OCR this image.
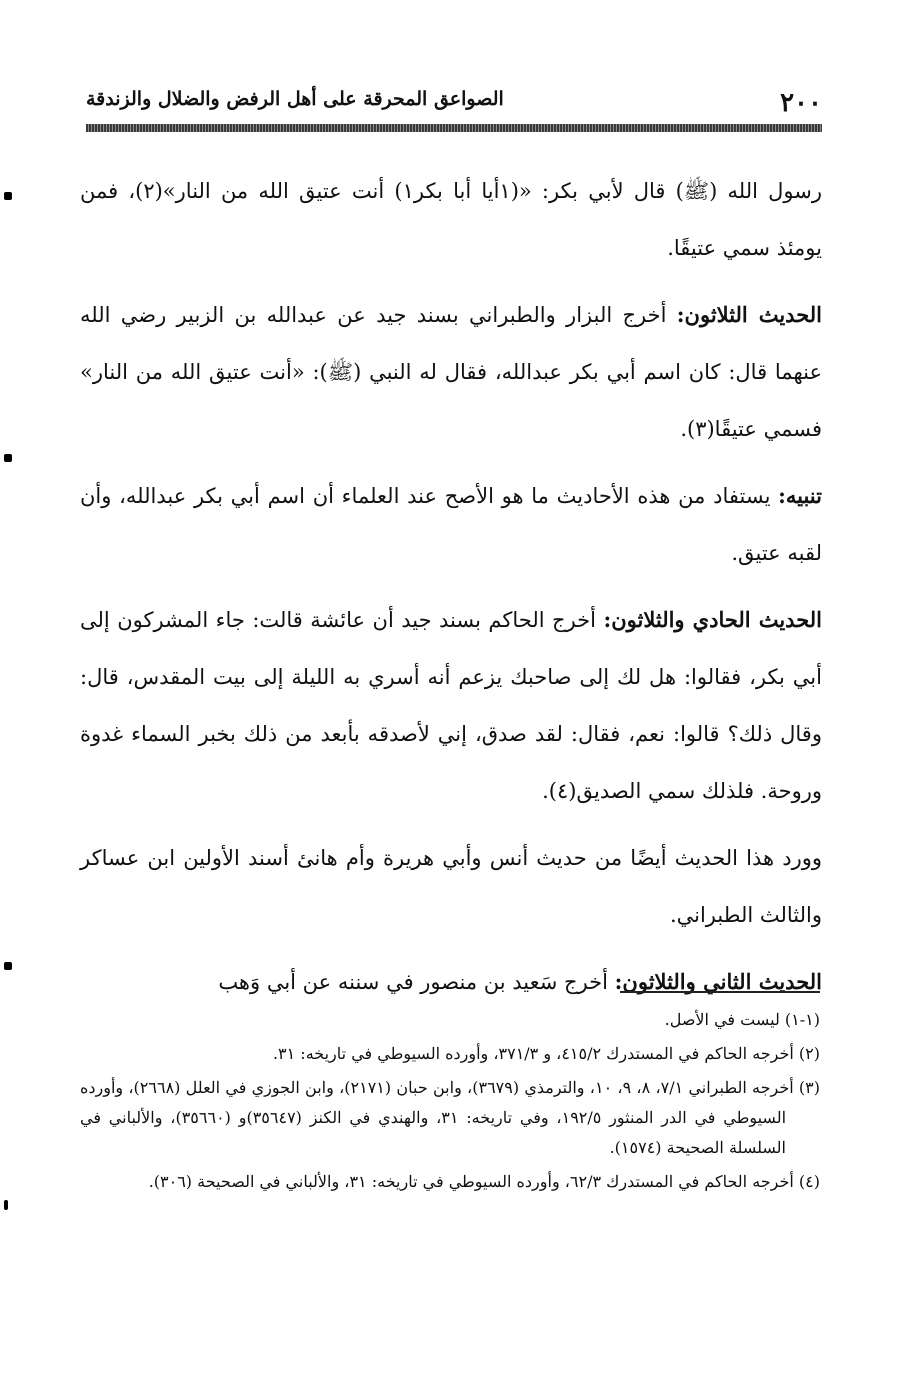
٢٠٠
الصواعق المحرقة على أهل الرفض والضلال والزندقة

رسول الله (ﷺ) قال لأبي بكر: «(١أيا أبا بكر١) أنت عتيق الله من النار»(٢)، فمن يومئذ سمي عتيقًا.

الحديث الثلاثون: أخرج البزار والطبراني بسند جيد عن عبدالله بن الزبير رضي الله عنهما قال: كان اسم أبي بكر عبدالله، فقال له النبي (ﷺ): «أنت عتيق الله من النار» فسمي عتيقًا(٣).

تنبيه: يستفاد من هذه الأحاديث ما هو الأصح عند العلماء أن اسم أبي بكر عبدالله، وأن لقبه عتيق.

الحديث الحادي والثلاثون: أخرج الحاكم بسند جيد أن عائشة قالت: جاء المشركون إلى أبي بكر، فقالوا: هل لك إلى صاحبك يزعم أنه أسري به الليلة إلى بيت المقدس، قال: وقال ذلك؟ قالوا: نعم، فقال: لقد صدق، إني لأصدقه بأبعد من ذلك بخبر السماء غدوة وروحة. فلذلك سمي الصديق(٤).

وورد هذا الحديث أيضًا من حديث أنس وأبي هريرة وأم هانئ أسند الأولين ابن عساكر والثالث الطبراني.

الحديث الثاني والثلاثون: أخرج سَعيد بن منصور في سننه عن أبي وَهب

(١-١) ليست في الأصل.

(٢) أخرجه الحاكم في المستدرك ٤١٥/٢، و ٣٧١/٣، وأورده السيوطي في تاريخه: ٣١.

(٣) أخرجه الطبراني ٧/١، ٨، ٩، ١٠، والترمذي (٣٦٧٩)، وابن حبان (٢١٧١)، وابن الجوزي في العلل (٢٦٦٨)، وأورده السيوطي في الدر المنثور ١٩٢/٥، وفي تاريخه: ٣١، والهندي في الكنز (٣٥٦٤٧)و (٣٥٦٦٠)، والألباني في السلسلة الصحيحة (١٥٧٤).

(٤) أخرجه الحاكم في المستدرك ٦٢/٣، وأورده السيوطي في تاريخه: ٣١، والألباني في الصحيحة (٣٠٦).
